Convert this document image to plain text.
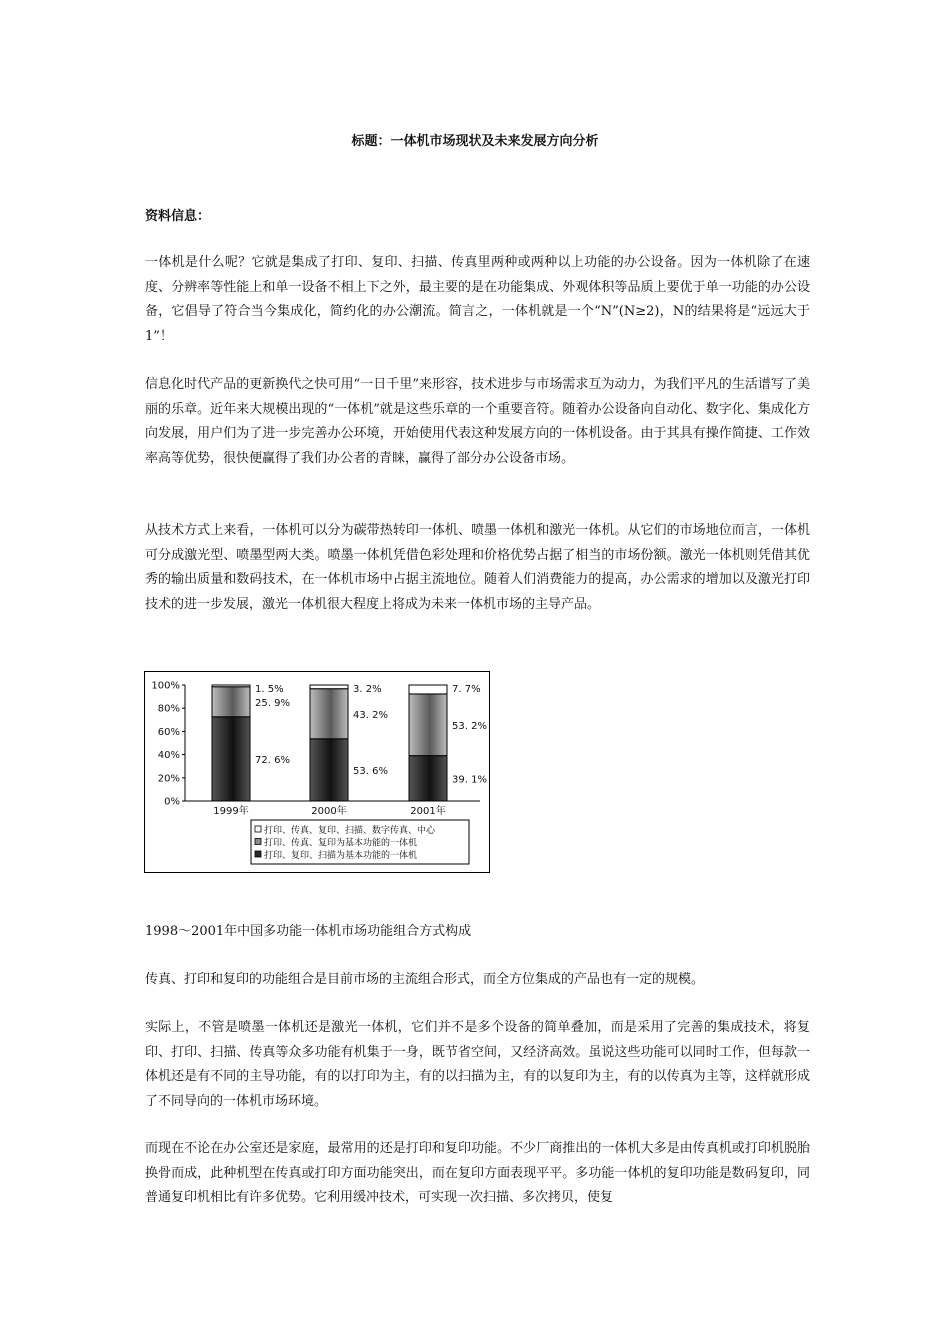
标题：一体机市场现状及未来发展方向分析
资料信息：

一体机是什么呢？它就是集成了打印、复印、扫描、传真里两种或两种以上功能的办公设备。因为一体机除了在速度、分辨率等性能上和单一设备不相上下之外，最主要的是在功能集成、外观体积等品质上要优于单一功能的办公设备，它倡导了符合当今集成化，简约化的办公潮流。简言之，一体机就是一个“N”(N≥2)，N的结果将是“远远大于1”！

信息化时代产品的更新换代之快可用“一日千里”来形容，技术进步与市场需求互为动力，为我们平凡的生活谱写了美丽的乐章。近年来大规模出现的“一体机”就是这些乐章的一个重要音符。随着办公设备向自动化、数字化、集成化方向发展，用户们为了进一步完善办公环境，开始使用代表这种发展方向的一体机设备。由于其具有操作简捷、工作效率高等优势，很快便赢得了我们办公者的青睐，赢得了部分办公设备市场。

从技术方式上来看，一体机可以分为碳带热转印一体机、喷墨一体机和激光一体机。从它们的市场地位而言，一体机可分成激光型、喷墨型两大类。喷墨一体机凭借色彩处理和价格优势占据了相当的市场份额。激光一体机则凭借其优秀的输出质量和数码技术，在一体机市场中占据主流地位。随着人们消费能力的提高，办公需求的增加以及激光打印技术的进一步发展，激光一体机很大程度上将成为未来一体机市场的主导产品。

0%
20%
40%
60%
80%
100%
72. 6%
25. 9%
1. 5%
1999年
53. 6%
43. 2%
3. 2%
2000年
39. 1%
53. 2%
7. 7%
2001年
打印、传真、复印、扫描、数字传真、中心
打印、传真、复印为基本功能的一体机
打印、复印、扫描为基本功能的一体机

1998～2001年中国多功能一体机市场功能组合方式构成

传真、打印和复印的功能组合是目前市场的主流组合形式，而全方位集成的产品也有一定的规模。

实际上，不管是喷墨一体机还是激光一体机，它们并不是多个设备的简单叠加，而是采用了完善的集成技术，将复印、打印、扫描、传真等众多功能有机集于一身，既节省空间，又经济高效。虽说这些功能可以同时工作，但每款一体机还是有不同的主导功能，有的以打印为主，有的以扫描为主，有的以复印为主，有的以传真为主等，这样就形成了不同导向的一体机市场环境。

而现在不论在办公室还是家庭，最常用的还是打印和复印功能。不少厂商推出的一体机大多是由传真机或打印机脱胎换骨而成，此种机型在传真或打印方面功能突出，而在复印方面表现平平。多功能一体机的复印功能是数码复印，同普通复印机相比有许多优势。它利用缓冲技术，可实现一次扫描、多次拷贝，使复
